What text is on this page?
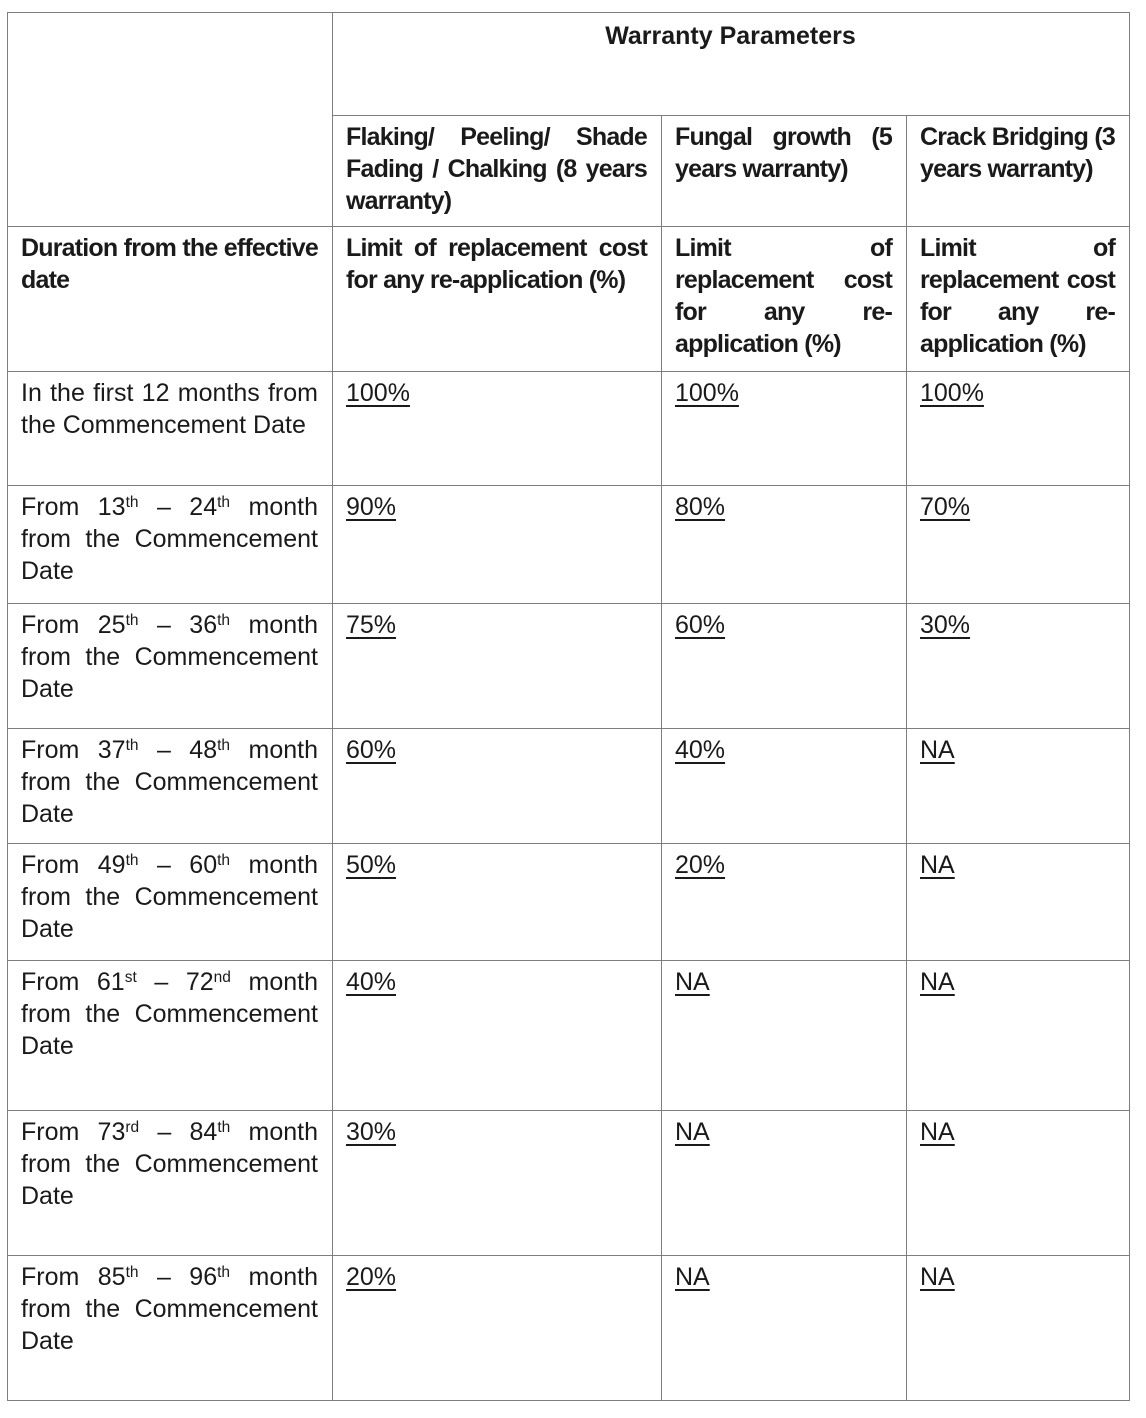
	Warranty Parameters		
	Flaking/ Peeling/ Shade Fading / Chalking (8 years warranty)	Fungal growth (5 years warranty)	Crack Bridging (3 years warranty)
Duration from the effective date	Limit of replacement cost for any re-application (%)	Limit of replacement cost for any re-application (%)	Limit of replacement cost for any re-application (%)
In the first 12 months from the Commencement Date	100%	100%	100%
From 13th – 24th month from the Commencement Date	90%	80%	70%
From 25th – 36th month from the Commencement Date	75%	60%	30%
From 37th – 48th month from the Commencement Date	60%	40%	NA
From 49th – 60th month from the Commencement Date	50%	20%	NA
From 61st – 72nd month from the Commencement Date	40%	NA	NA
From 73rd – 84th month from the Commencement Date	30%	NA	NA
From 85th – 96th month from the Commencement Date	20%	NA	NA
